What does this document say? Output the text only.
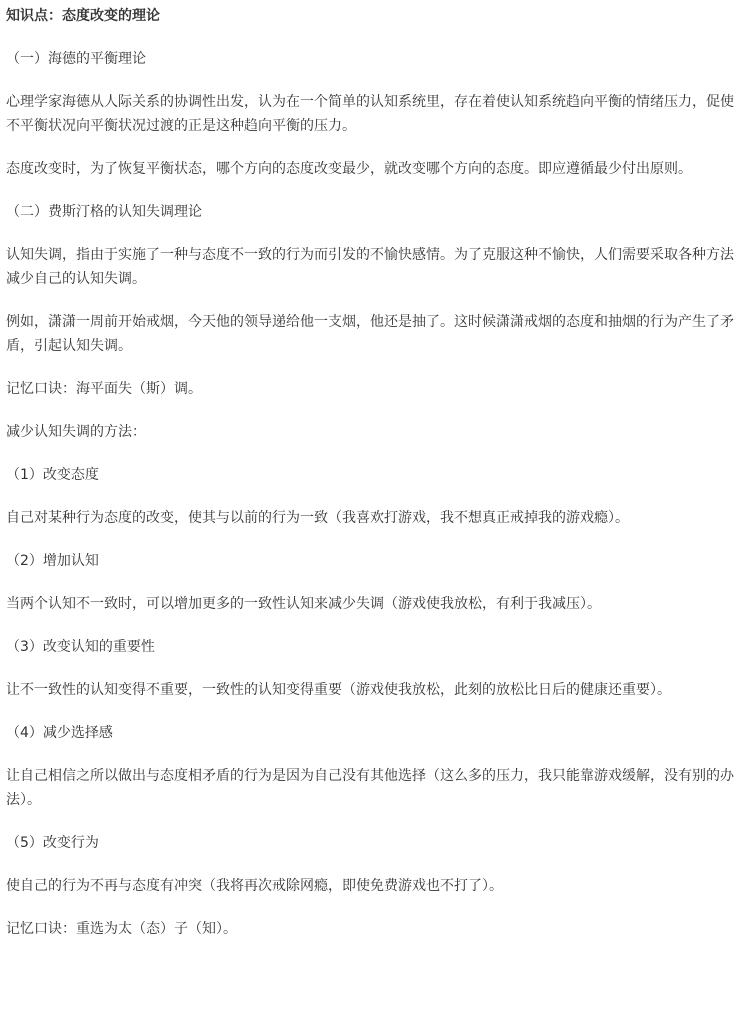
知识点：态度改变的理论
（一）海德的平衡理论
心理学家海德从人际关系的协调性出发，认为在一个简单的认知系统里，存在着使认知系统趋向平衡的情绪压力，促使不平衡状况向平衡状况过渡的正是这种趋向平衡的压力。
态度改变时，为了恢复平衡状态，哪个方向的态度改变最少，就改变哪个方向的态度。即应遵循最少付出原则。
（二）费斯汀格的认知失调理论
认知失调，指由于实施了一种与态度不一致的行为而引发的不愉快感情。为了克服这种不愉快，人们需要采取各种方法减少自己的认知失调。
例如，潇潇一周前开始戒烟，今天他的领导递给他一支烟，他还是抽了。这时候潇潇戒烟的态度和抽烟的行为产生了矛盾，引起认知失调。
记忆口诀：海平面失（斯）调。
减少认知失调的方法：
（1）改变态度
自己对某种行为态度的改变，使其与以前的行为一致（我喜欢打游戏，我不想真正戒掉我的游戏瘾）。
（2）增加认知
当两个认知不一致时，可以增加更多的一致性认知来减少失调（游戏使我放松，有利于我减压）。
（3）改变认知的重要性
让不一致性的认知变得不重要，一致性的认知变得重要（游戏使我放松，此刻的放松比日后的健康还重要）。
（4）减少选择感
让自己相信之所以做出与态度相矛盾的行为是因为自己没有其他选择（这么多的压力，我只能靠游戏缓解，没有别的办法）。
（5）改变行为
使自己的行为不再与态度有冲突（我将再次戒除网瘾，即使免费游戏也不打了）。
记忆口诀：重选为太（态）子（知）。
